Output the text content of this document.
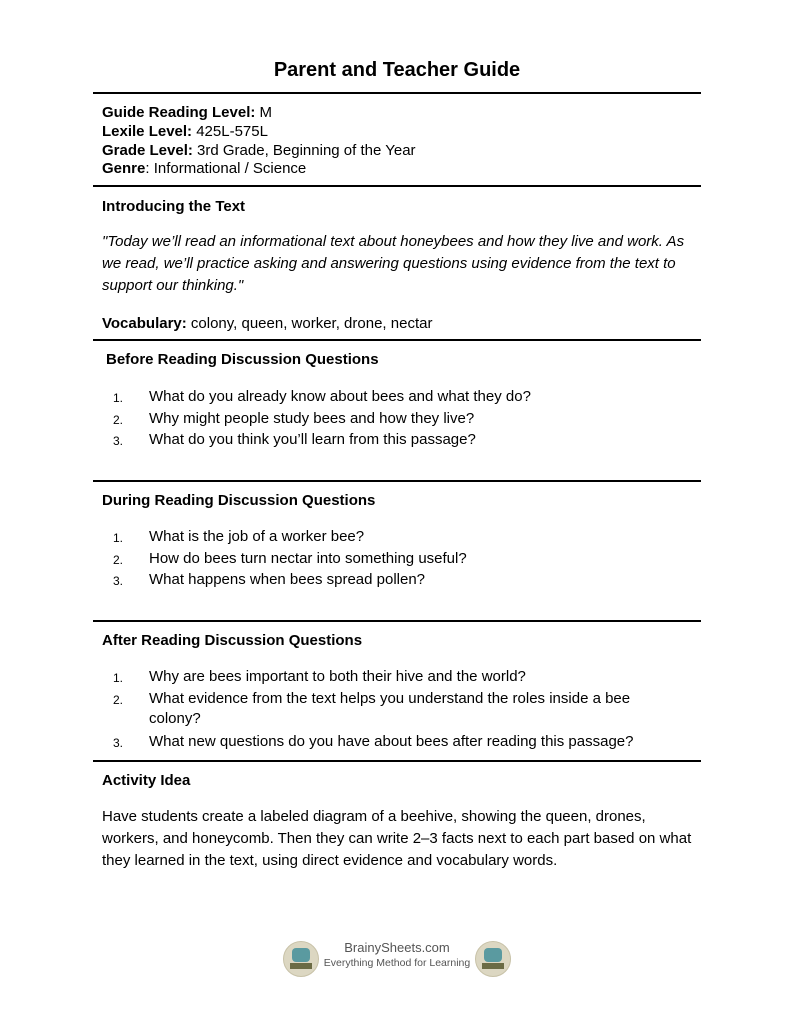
Parent and Teacher Guide
Guide Reading Level: M
Lexile Level: 425L-575L
Grade Level: 3rd Grade, Beginning of the Year
Genre: Informational / Science
Introducing the Text
"Today we’ll read an informational text about honeybees and how they live and work. As we read, we’ll practice asking and answering questions using evidence from the text to support our thinking."
Vocabulary: colony, queen, worker, drone, nectar
Before Reading Discussion Questions
1. What do you already know about bees and what they do?
2. Why might people study bees and how they live?
3. What do you think you’ll learn from this passage?
During Reading Discussion Questions
1. What is the job of a worker bee?
2. How do bees turn nectar into something useful?
3. What happens when bees spread pollen?
After Reading Discussion Questions
1. Why are bees important to both their hive and the world?
2. What evidence from the text helps you understand the roles inside a bee colony?
3. What new questions do you have about bees after reading this passage?
Activity Idea
Have students create a labeled diagram of a beehive, showing the queen, drones, workers, and honeycomb. Then they can write 2–3 facts next to each part based on what they learned in the text, using direct evidence and vocabulary words.
BrainySheets.com
Everything Method for Learning
